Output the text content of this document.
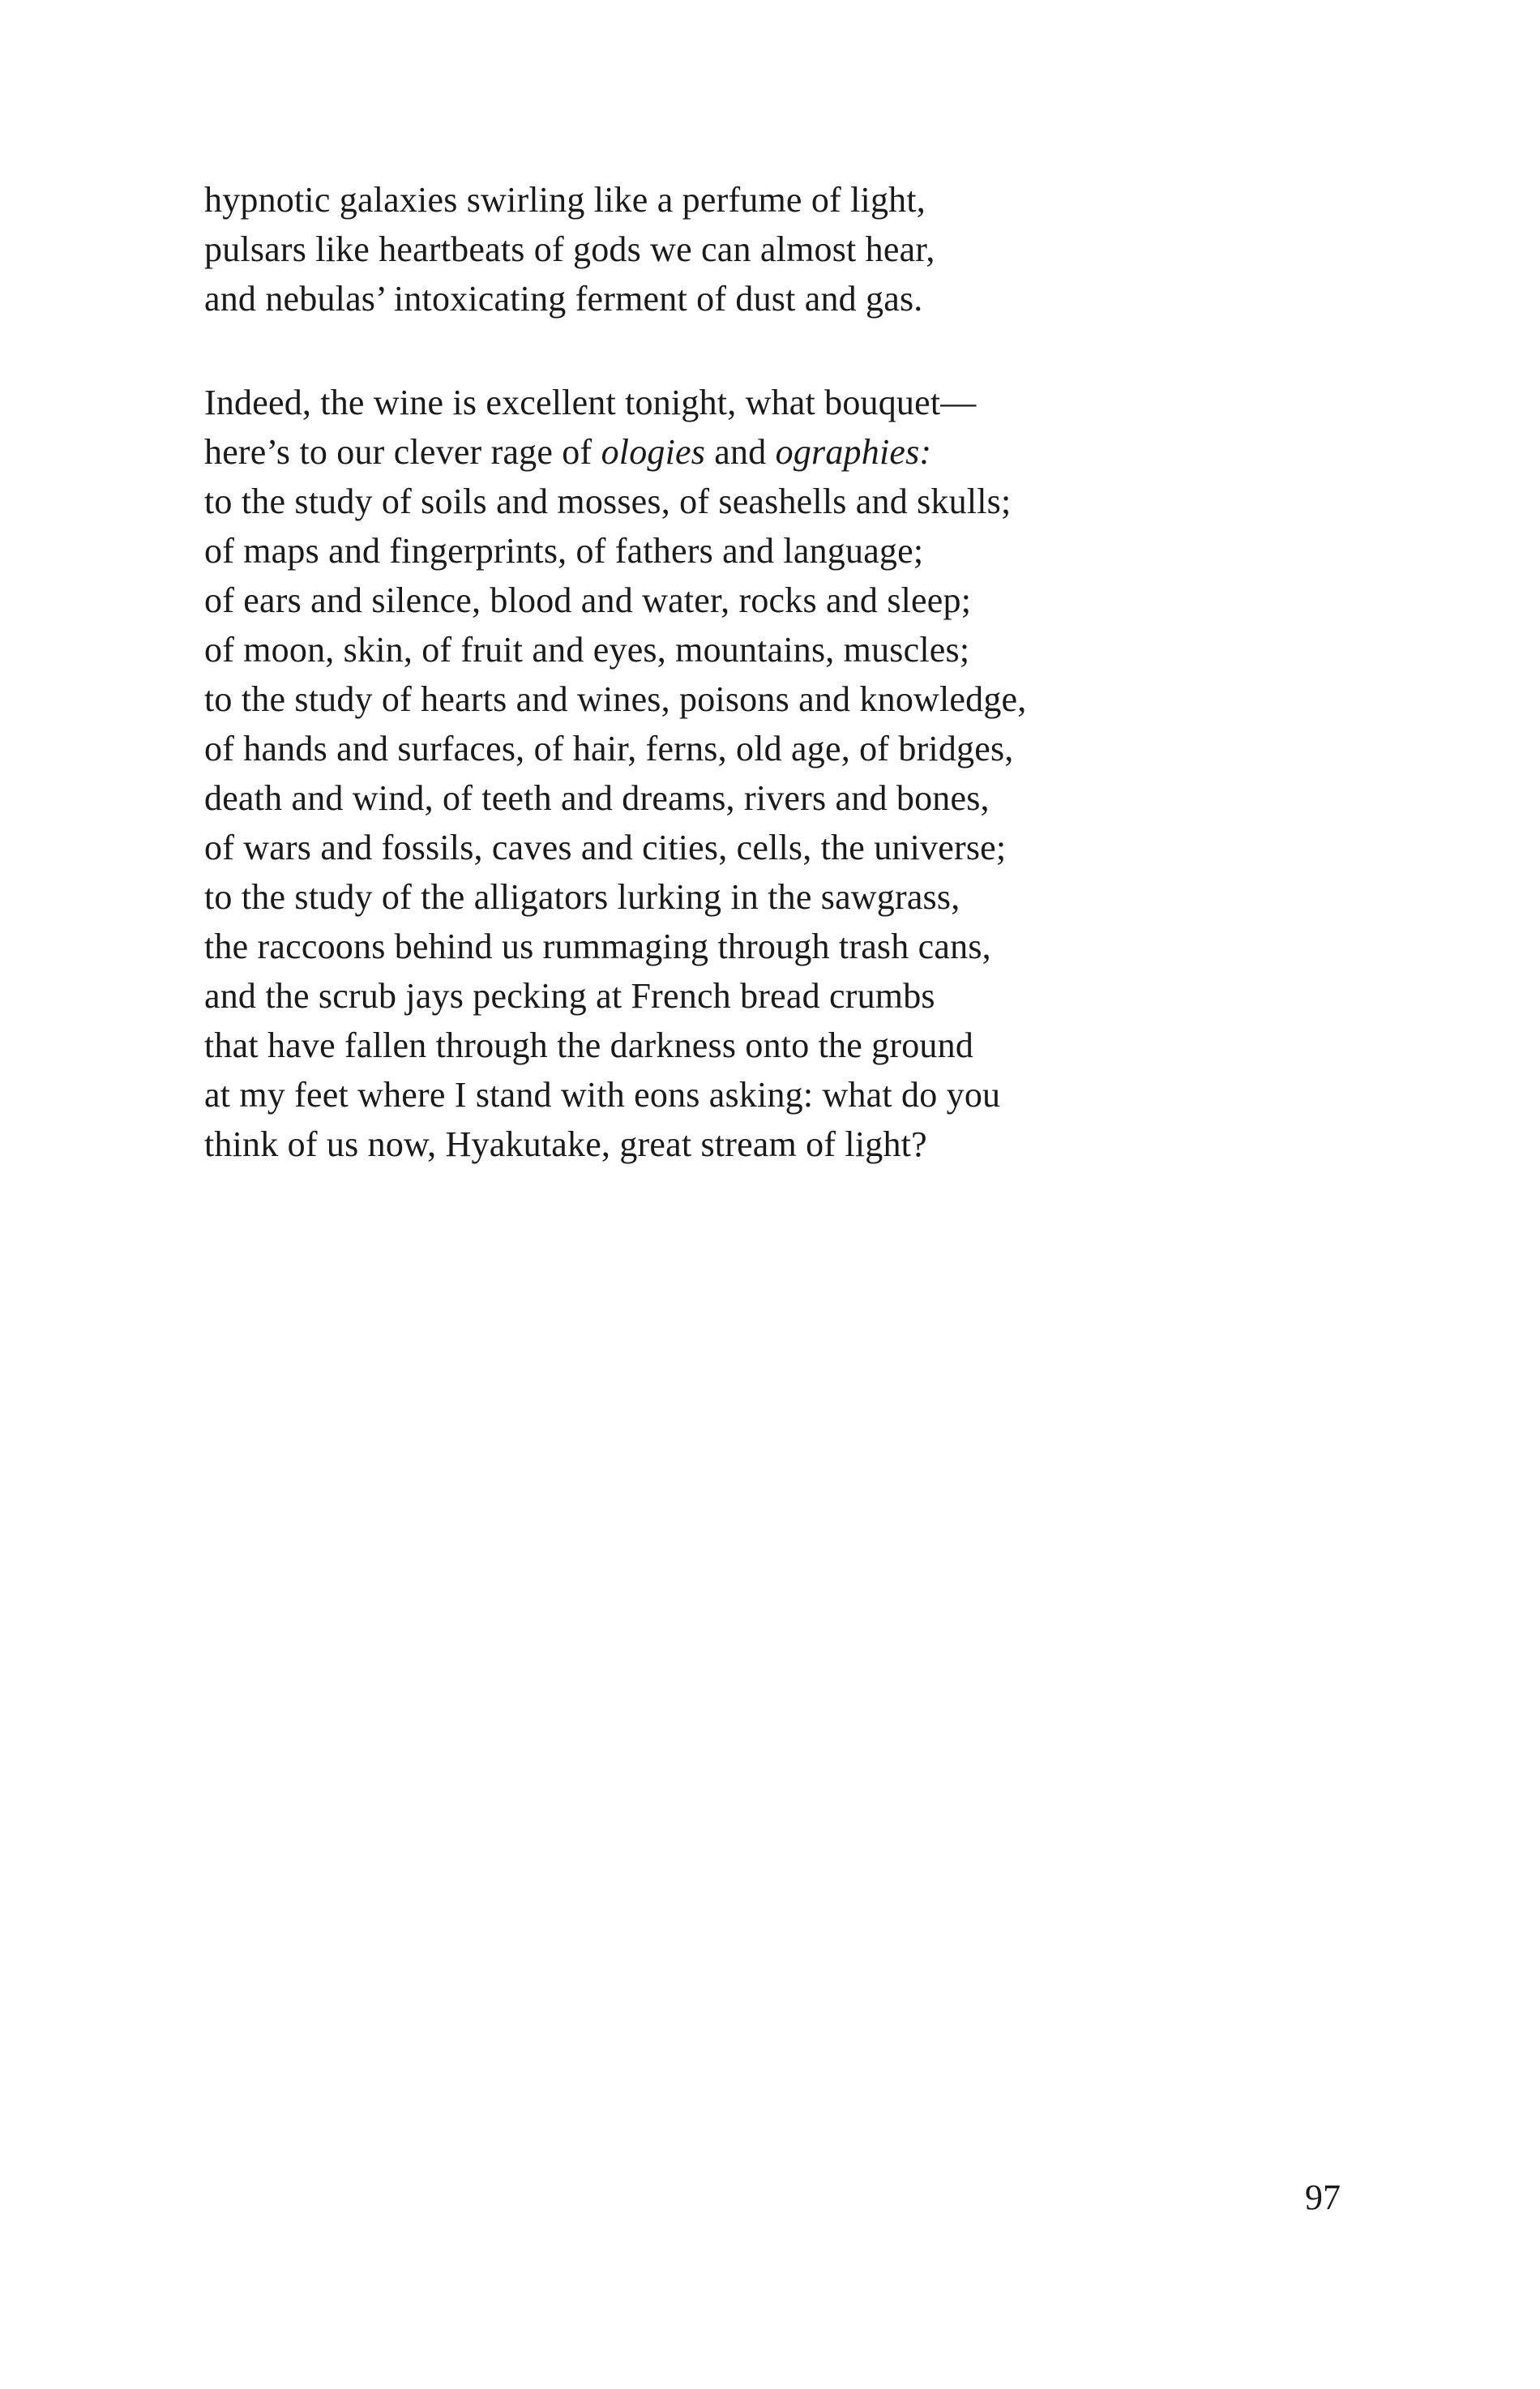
hypnotic galaxies swirling like a perfume of light,
pulsars like heartbeats of gods we can almost hear,
and nebulas’ intoxicating ferment of dust and gas.
Indeed, the wine is excellent tonight, what bouquet—
here’s to our clever rage of ologies and ographies:
to the study of soils and mosses, of seashells and skulls;
of maps and fingerprints, of fathers and language;
of ears and silence, blood and water, rocks and sleep;
of moon, skin, of fruit and eyes, mountains, muscles;
to the study of hearts and wines, poisons and knowledge,
of hands and surfaces, of hair, ferns, old age, of bridges,
death and wind, of teeth and dreams, rivers and bones,
of wars and fossils, caves and cities, cells, the universe;
to the study of the alligators lurking in the sawgrass,
the raccoons behind us rummaging through trash cans,
and the scrub jays pecking at French bread crumbs
that have fallen through the darkness onto the ground
at my feet where I stand with eons asking: what do you
think of us now, Hyakutake, great stream of light?
97
